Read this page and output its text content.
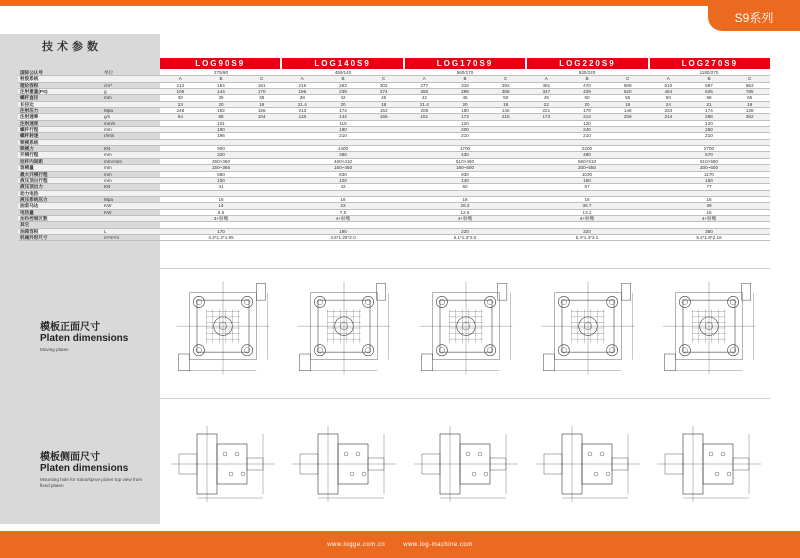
S9系列
技术参数
LOG90S9	LOG140S9	LOG170S9	LOG220S9	LOG270S9
国际公认号	单位	275/90	450/140	560/170	630/220	1180/270
射胶系统	A	B	C	A	B	C	A	B	C	A	B	C	A	B	C
理论容积	cm³	113	154	181	215	263	302	277	318	392	381	470	569	510	687	863
注射重量(PS)	g	106	144	170	196	239	274	260	298	368	347	429	520	464	625	785
螺杆直径	mm	30	35	38	38	42	45	42	45	50	45	50	55	50	58	65
长径比	23	20	18	21.4	20	18	21.4	20	18	22	20	18	24	21	18
注射压力	Mpa	248	182	155	213	174	152	206	180	145	221	179	148	234	174	138
注射速率	g/s	64	88	104	118	144	166	151	173	215	173	214	259	214	288	362
注射速度	mm/s	101	115	120	120	120
螺杆行程	mm	160	190	200	240	260
螺杆转速	r/min	196	210	210	210	210
锁模系统
锁模力	KN	900	1400	1700	2200	2700
开模行程	mm	320	380	430	480	570
拉杆内间距	mm×mm	360×360	460×410	510×460	560×510	610×590
容模量	mm	150~365	150~450	180~500	200~550	200~600
最大开模行程	mm	680	830	930	1030	1170
液压顶出行程	mm	100	120	140	150	160
液压顶出力	KN	31	42	50	67	77
动力电热
液压系统压力	Mpa	16	16	16	16	16
油泵马达	KW	14	23	28.3	36.7	39
电热量	KW	6.5	7.5	12.6	13.1	16
加热控制区数	3+射嘴	4+射嘴	4+射嘴	4+射嘴	4+射嘴
其它
油箱容积	L	170	190	220	320	360
机械外形尺寸	m*m*m	4.3*1.2*1.95	4.6*1.25*2.0	5.1*1.3*2.0	5.4*1.4*2.1	5.4*1.8*2.18
模板正面尺寸
Platen dimensions
Moving platen
模板侧面尺寸
Platen dimensions
Mounting hole for robot/sprue picker top view from fixed platen
www.logge.com.cn	www.log-machine.com
